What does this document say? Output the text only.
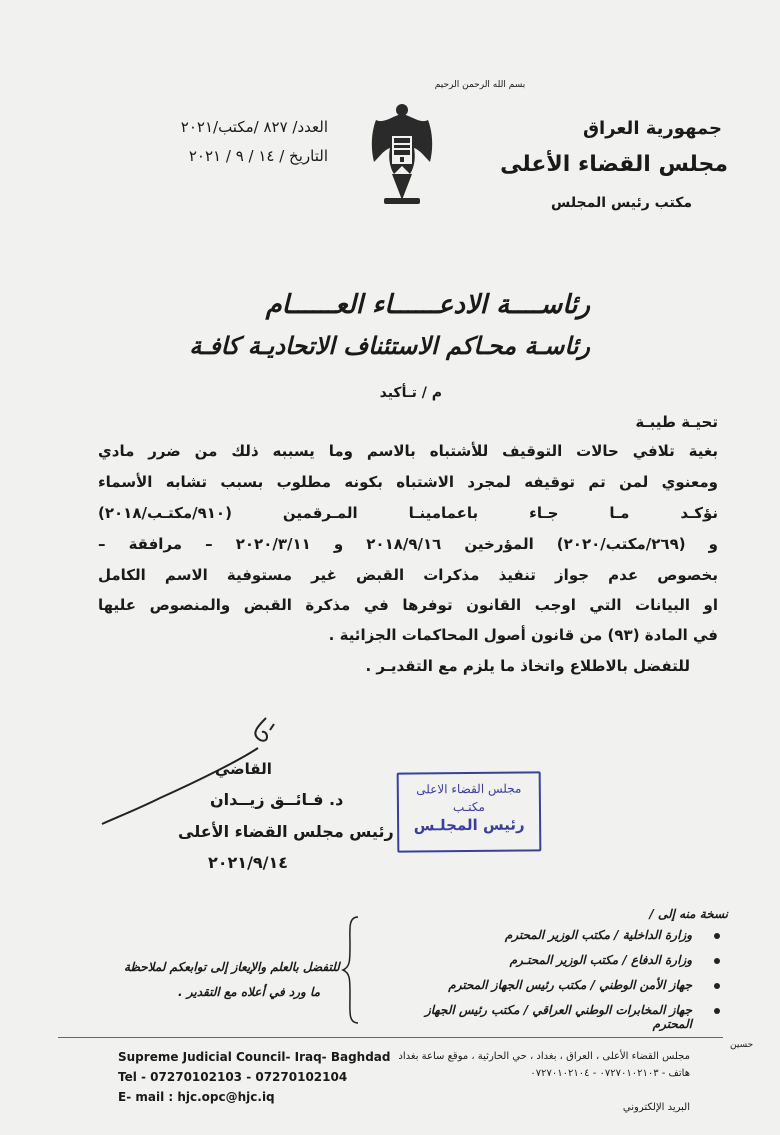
بسم الله الرحمن الرحيم
جمهورية العراق
مجلس القضاء الأعلى
مكتب رئيس المجلس
العدد/ ٨٢٧ /مكتب/٢٠٢١
التاريخ / ١٤ / ٩ / ٢٠٢١
رئاســــة الادعــــــاء العــــــام
رئاسـة محـاكم الاستئناف الاتحاديـة كافـة
م / تـأكيد
تحيـة طيبـة
بغية تلافي حالات التوقيف للأشتباه بالاسم وما يسببه ذلك من ضرر مادي
ومعنوي لمن تم توقيفه لمجرد الاشتباه بكونه مطلوب بسبب تشابه الأسماء
نؤكـد مـا جـاء باعمامينـا المـرقمين (٩١٠/مكتـب/٢٠١٨)
و (٢٦٩/مكتب/٢٠٢٠) المؤرخين ٢٠١٨/٩/١٦ و ٢٠٢٠/٣/١١ – مرافقة –
بخصوص عدم جواز تنفيذ مذكرات القبض غير مستوفية الاسم الكامل
او البيانات التي اوجب القانون توفرها في مذكرة القبض والمنصوص عليها
في المادة (٩٣) من قانون أصول المحاكمات الجزائية .
للتفضل بالاطلاع واتخاذ ما يلزم مع التقديـر .
القاضي
د. فـائــق زيــدان
رئيس مجلس القضاء الأعلى
٢٠٢١/٩/١٤
مجلس القضاء الاعلى
مكتـب
رئيس المجلـس
نسخة منه إلى /
وزارة الداخلية / مكتب الوزير المحترم
وزارة الدفاع / مكتب الوزير المحتـرم
جهاز الأمن الوطني / مكتب رئيس الجهاز المحترم
جهاز المخابرات الوطني العراقي / مكتب رئيس الجهاز المحترم
للتفضل بالعلم والإيعاز إلى توابعكم لملاحظة
ما ورد في أعلاه مع التقدير .
Supreme Judicial Council- Iraq- Baghdad
Tel - 07270102103 - 07270102104
E- mail : hjc.opc@hjc.iq
مجلس القضاء الأعلى ، العراق ، بغداد ، حي الحارثية ، موقع ساعة بغداد
هاتف - ٠٧٢٧٠١٠٢١٠٣ - ٠٧٢٧٠١٠٢١٠٤
البريد الإلكتروني
حسين
